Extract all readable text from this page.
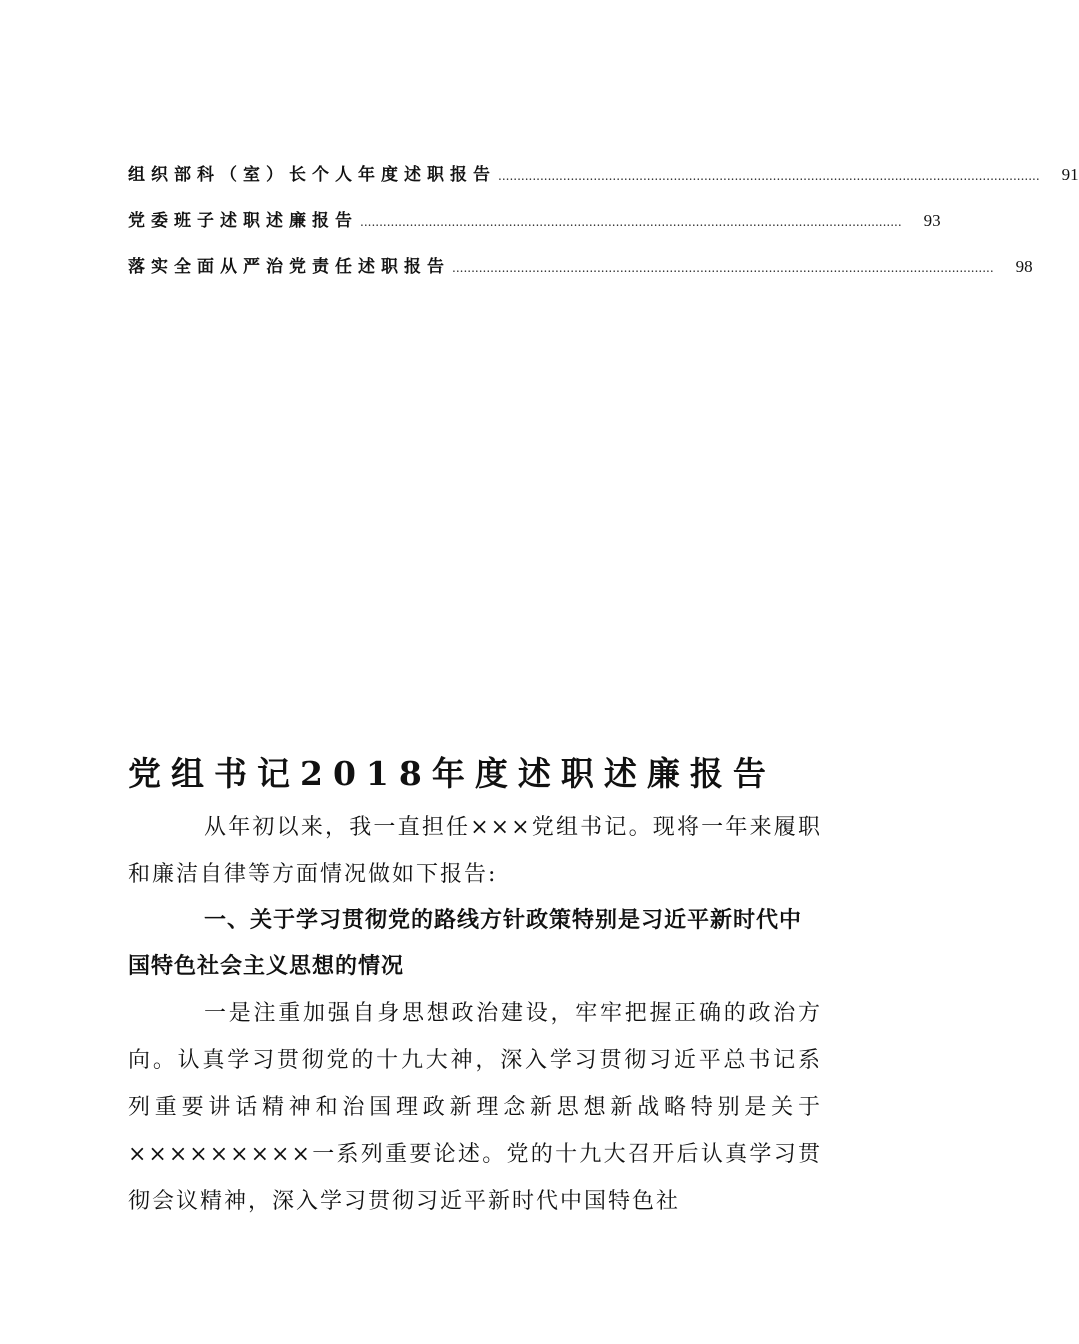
组织部科（室）长个人年度述职报告 .............................................................................................................................................. 91
党委班子述职述廉报告 .............................................................................................................................................. 93
落实全面从严治党责任述职报告 .............................................................................................................................................. 98
党组书记2018年度述职述廉报告

从年初以来，我一直担任×××党组书记。现将一年来履职和廉洁自律等方面情况做如下报告:

一、关于学习贯彻党的路线方针政策特别是习近平新时代中国特色社会主义思想的情况

一是注重加强自身思想政治建设，牢牢把握正确的政治方向。认真学习贯彻党的十九大神，深入学习贯彻习近平总书记系列重要讲话精神和治国理政新理念新思想新战略特别是关于×××××××××一系列重要论述。党的十九大召开后认真学习贯彻会议精神，深入学习贯彻习近平新时代中国特色社
